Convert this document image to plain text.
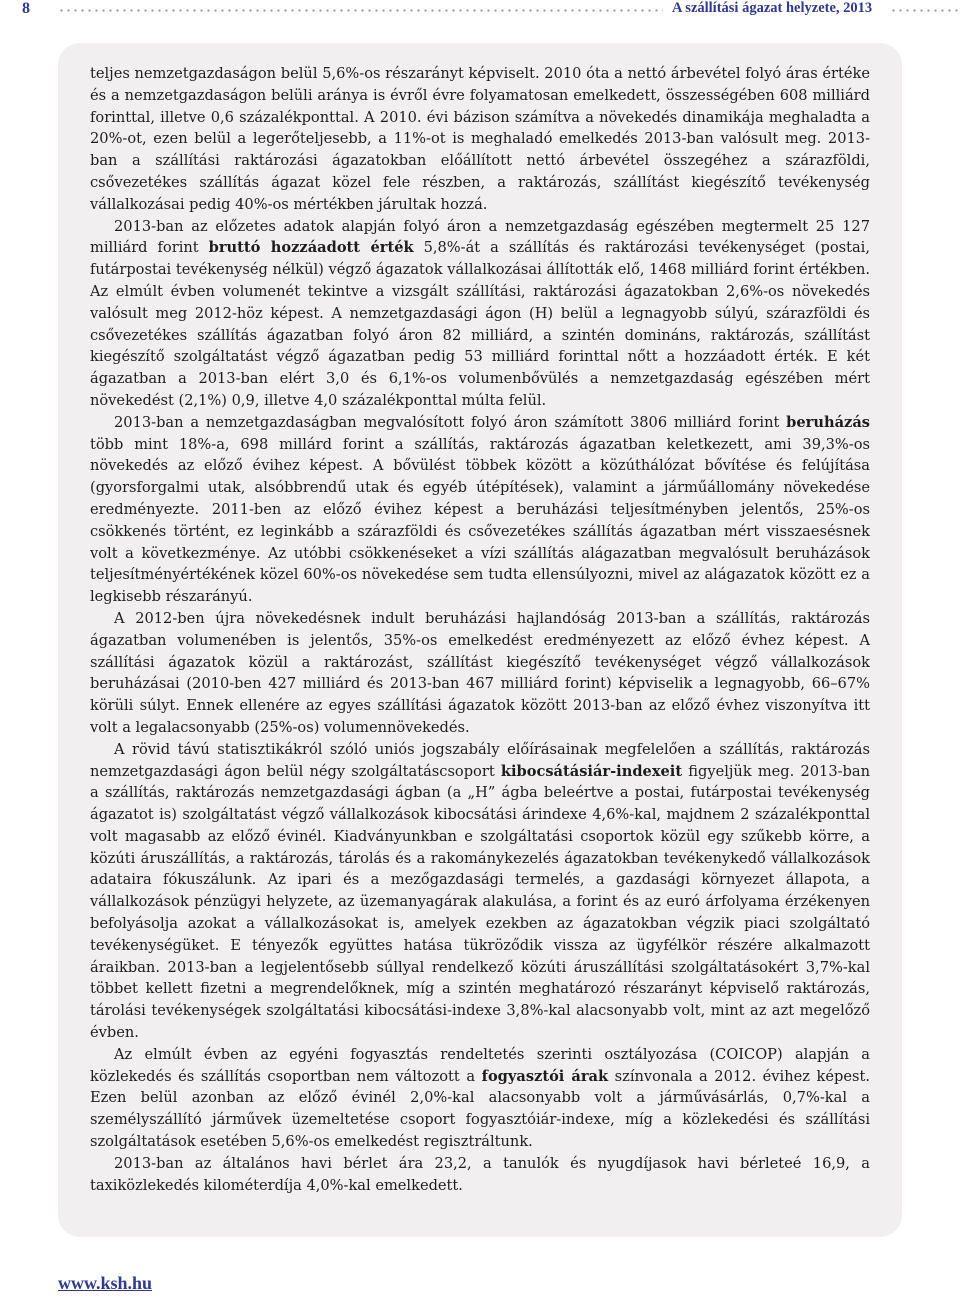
8	A szállítási ágazat helyzete, 2013

teljes nemzetgazdaságon belül 5,6%-os részarányt képviselt. 2010 óta a nettó árbevétel folyó áras értéke és a nemzetgazdaságon belüli aránya is évről évre folyamatosan emelkedett, összességében 608 milliárd forinttal, illetve 0,6 százalékponttal. A 2010. évi bázison számítva a növekedés dinamikája meghaladta a 20%-ot, ezen belül a legerőteljesebb, a 11%-ot is meghaladó emelkedés 2013-ban valósult meg. 2013-ban a szállítási raktározási ágazatokban előállított nettó árbevétel összegéhez a szárazföldi, csővezetékes szállítás ágazat közel fele részben, a raktározás, szállítást kiegészítő tevékenység vállalkozásai pedig 40%-os mértékben járultak hozzá.

2013-ban az előzetes adatok alapján folyó áron a nemzetgazdaság egészében megtermelt 25 127 milliárd forint bruttó hozzáadott érték 5,8%-át a szállítás és raktározási tevékenységet (postai, futárpostai tevékenység nélkül) végző ágazatok vállalkozásai állították elő, 1468 milliárd forint értékben. Az elmúlt évben volumenét tekintve a vizsgált szállítási, raktározási ágazatokban 2,6%-os növekedés valósult meg 2012-höz képest. A nemzetgazdasági ágon (H) belül a legnagyobb súlyú, szárazföldi és csővezetékes szállítás ágazatban folyó áron 82 milliárd, a szintén domináns, raktározás, szállítást kiegészítő szolgáltatást végző ágazatban pedig 53 milliárd forinttal nőtt a hozzáadott érték. E két ágazatban a 2013-ban elért 3,0 és 6,1%-os volumenbővülés a nemzetgazdaság egészében mért növekedést (2,1%) 0,9, illetve 4,0 százalékponttal múlta felül.

2013-ban a nemzetgazdaságban megvalósított folyó áron számított 3806 milliárd forint beruházás több mint 18%-a, 698 millárd forint a szállítás, raktározás ágazatban keletkezett, ami 39,3%-os növekedés az előző évihez képest. A bővülést többek között a közúthálózat bővítése és felújítása (gyorsforgalmi utak, alsóbbrendű utak és egyéb útépítések), valamint a járműállomány növekedése eredményezte. 2011-ben az előző évihez képest a beruházási teljesítményben jelentős, 25%-os csökkenés történt, ez leginkább a szárazföldi és csővezetékes szállítás ágazatban mért visszaesésnek volt a következménye. Az utóbbi csökkenéseket a vízi szállítás alágazatban megvalósult beruházások teljesítményértékének közel 60%-os növekedése sem tudta ellensúlyozni, mivel az alágazatok között ez a legkisebb részarányú.

A 2012-ben újra növekedésnek indult beruházási hajlandóság 2013-ban a szállítás, raktározás ágazatban volumenében is jelentős, 35%-os emelkedést eredményezett az előző évhez képest. A szállítási ágazatok közül a raktározást, szállítást kiegészítő tevékenységet végző vállalkozások beruházásai (2010-ben 427 milliárd és 2013-ban 467 milliárd forint) képviselik a legnagyobb, 66–67% körüli súlyt. Ennek ellenére az egyes szállítási ágazatok között 2013-ban az előző évhez viszonyítva itt volt a legalacsonyabb (25%-os) volumennövekedés.

A rövid távú statisztikákról szóló uniós jogszabály előírásainak megfelelően a szállítás, raktározás nemzetgazdasági ágon belül négy szolgáltatáscsoport kibocsátásiár-indexeit figyeljük meg. 2013-ban a szállítás, raktározás nemzetgazdasági ágban (a „H” ágba beleértve a postai, futárpostai tevékenység ágazatot is) szolgáltatást végző vállalkozások kibocsátási árindexe 4,6%-kal, majdnem 2 százalékponttal volt magasabb az előző évinél. Kiadványunkban e szolgáltatási csoportok közül egy szűkebb körre, a közúti áruszállítás, a raktározás, tárolás és a rakománykezelés ágazatokban tevékenykedő vállalkozások adataira fókuszálunk. Az ipari és a mezőgazdasági termelés, a gazdasági környezet állapota, a vállalkozások pénzügyi helyzete, az üzemanyagárak alakulása, a forint és az euró árfolyama érzékenyen befolyásolja azokat a vállalkozásokat is, amelyek ezekben az ágazatokban végzik piaci szolgáltató tevékenységüket. E tényezők együttes hatása tükröződik vissza az ügyfélkör részére alkalmazott áraikban. 2013-ban a legjelentősebb súllyal rendelkező közúti áruszállítási szolgáltatásokért 3,7%-kal többet kellett fizetni a megrendelőknek, míg a szintén meghatározó részarányt képviselő raktározás, tárolási tevékenységek szolgáltatási kibocsátási-indexe 3,8%-kal alacsonyabb volt, mint az azt megelőző évben.

Az elmúlt évben az egyéni fogyasztás rendeltetés szerinti osztályozása (COICOP) alapján a közlekedés és szállítás csoportban nem változott a fogyasztói árak színvonala a 2012. évihez képest. Ezen belül azonban az előző évinél 2,0%-kal alacsonyabb volt a járművásárlás, 0,7%-kal a személyszállító járművek üzemeltetése csoport fogyasztóiár-indexe, míg a közlekedési és szállítási szolgáltatások esetében 5,6%-os emelkedést regisztráltunk.

2013-ban az általános havi bérlet ára 23,2, a tanulók és nyugdíjasok havi bérleteé 16,9, a taxiközlekedés kilométerdíja 4,0%-kal emelkedett.

www.ksh.hu
